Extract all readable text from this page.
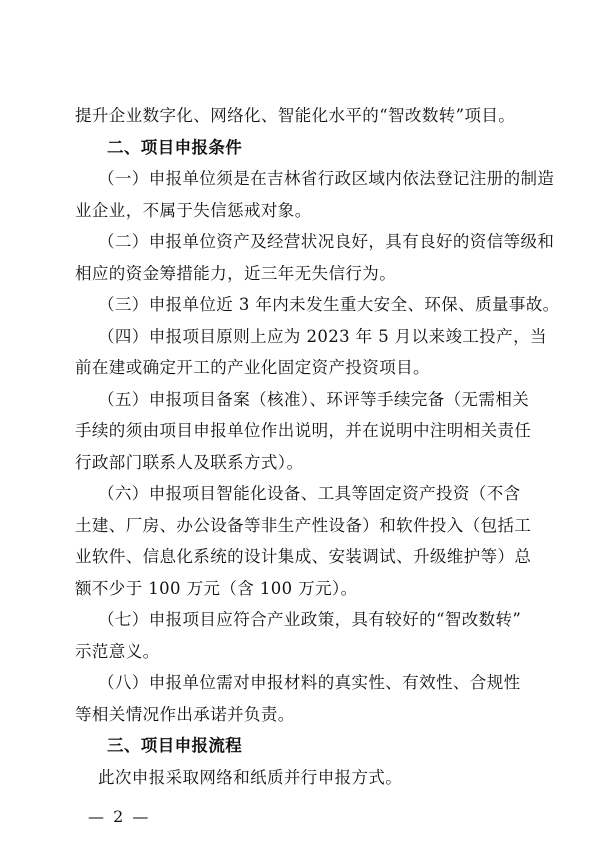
提升企业数字化、网络化、智能化水平的“智改数转”项目。
二、项目申报条件
（一）申报单位须是在吉林省行政区域内依法登记注册的制造
业企业，不属于失信惩戒对象。
（二）申报单位资产及经营状况良好，具有良好的资信等级和
相应的资金筹措能力，近三年无失信行为。
（三）申报单位近 3 年内未发生重大安全、环保、质量事故。
（四）申报项目原则上应为 2023 年 5 月以来竣工投产，当
前在建或确定开工的产业化固定资产投资项目。
（五）申报项目备案（核准）、环评等手续完备（无需相关
手续的须由项目申报单位作出说明，并在说明中注明相关责任
行政部门联系人及联系方式）。
（六）申报项目智能化设备、工具等固定资产投资（不含
土建、厂房、办公设备等非生产性设备）和软件投入（包括工
业软件、信息化系统的设计集成、安装调试、升级维护等）总
额不少于 100 万元（含 100 万元）。
（七）申报项目应符合产业政策，具有较好的“智改数转”
示范意义。
（八）申报单位需对申报材料的真实性、有效性、合规性
等相关情况作出承诺并负责。
三、项目申报流程
此次申报采取网络和纸质并行申报方式。
— 2 —
